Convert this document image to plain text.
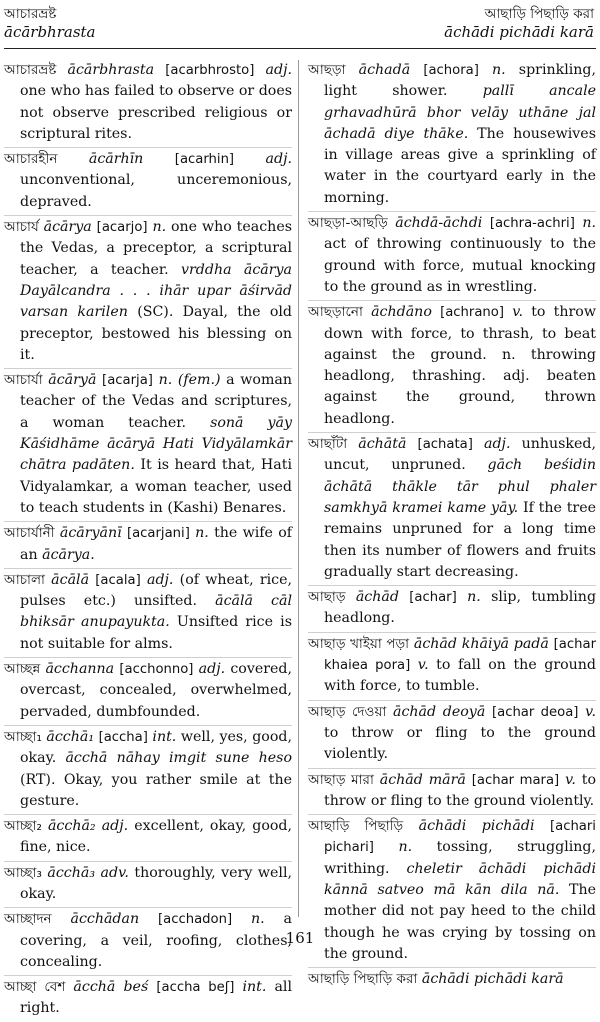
আচারভ্রষ্ট
ācārbhrasta
আছাড়ি পিছাড়ি করা
āchādi pichādi karā

আচারভ্রষ্ট ācārbhrasta [acarbhrosto] adj. one who has failed to observe or does not observe prescribed religious or scriptural rites.

আচারহীন ācārhīn [acarhin] adj. unconventional, unceremonious, depraved.

আচার্য ācārya [acarjo] n. one who teaches the Vedas, a preceptor, a scriptural teacher, a teacher. vrddha ācārya Dayālcandra . . . ihār upar āśirvād varsan karilen (SC). Dayal, the old preceptor, bestowed his blessing on it.

আচার্যা ācāryā [acarja] n. (fem.) a woman teacher of the Vedas and scriptures, a woman teacher. sonā yāy Kāśidhāme ācāryā Hati Vidyālamkār chātra padāten. It is heard that, Hati Vidyalamkar, a woman teacher, used to teach students in (Kashi) Benares.

আচার্যানী ācāryānī [acarjani] n. the wife of an ācārya.

আচালা ācālā [acala] adj. (of wheat, rice, pulses etc.) unsifted. ācālā cāl bhiksār anupayukta. Unsifted rice is not suitable for alms.

আচ্ছন্ন ācchanna [acchonno] adj. covered, overcast, concealed, overwhelmed, pervaded, dumbfounded.

আচ্ছা₁ ācchā₁ [accha] int. well, yes, good, okay. ācchā nāhay imgit sune heso (RT). Okay, you rather smile at the gesture.

আচ্ছা₂ ācchā₂ adj. excellent, okay, good, fine, nice.

আচ্ছা₃ ācchā₃ adv. thoroughly, very well, okay.

আচ্ছাদন ācchādan [acchadon] n. a covering, a veil, roofing, clothes, concealing.

আচ্ছা বেশ ācchā beś [accha beʃ] int. all right.

আছড়া āchadā [achora] n. sprinkling, light shower. pallī ancale grhavadhūrā bhor velāy uthāne jal āchadā diye thāke. The housewives in village areas give a sprinkling of water in the courtyard early in the morning.

আছড়া-আছড়ি āchdā-āchdi [achra-achri] n. act of throwing continuously to the ground with force, mutual knocking to the ground as in wrestling.

আছড়ানো āchdāno [achrano] v. to throw down with force, to thrash, to beat against the ground. n. throwing headlong, thrashing. adj. beaten against the ground, thrown headlong.

আছাঁটা āchātā [achata] adj. unhusked, uncut, unpruned. gāch beśidin āchātā thākle tār phul phaler samkhyā kramei kame yāy. If the tree remains unpruned for a long time then its number of flowers and fruits gradually start decreasing.

আছাড় āchād [achar] n. slip, tumbling headlong.

আছাড় খাইয়া পড়া āchād khāiyā padā [achar khaiea pora] v. to fall on the ground with force, to tumble.

আছাড় দেওয়া āchād deoyā [achar deoa] v. to throw or fling to the ground violently.

আছাড় মারা āchād mārā [achar mara] v. to throw or fling to the ground violently.

আছাড়ি পিছাড়ি āchādi pichādi [achari pichari] n. tossing, struggling, writhing. cheletir āchādi pichādi kānnā satveo mā kān dila nā. The mother did not pay heed to the child though he was crying by tossing on the ground.

আছাড়ি পিছাড়ি করা āchādi pichādi karā

161
